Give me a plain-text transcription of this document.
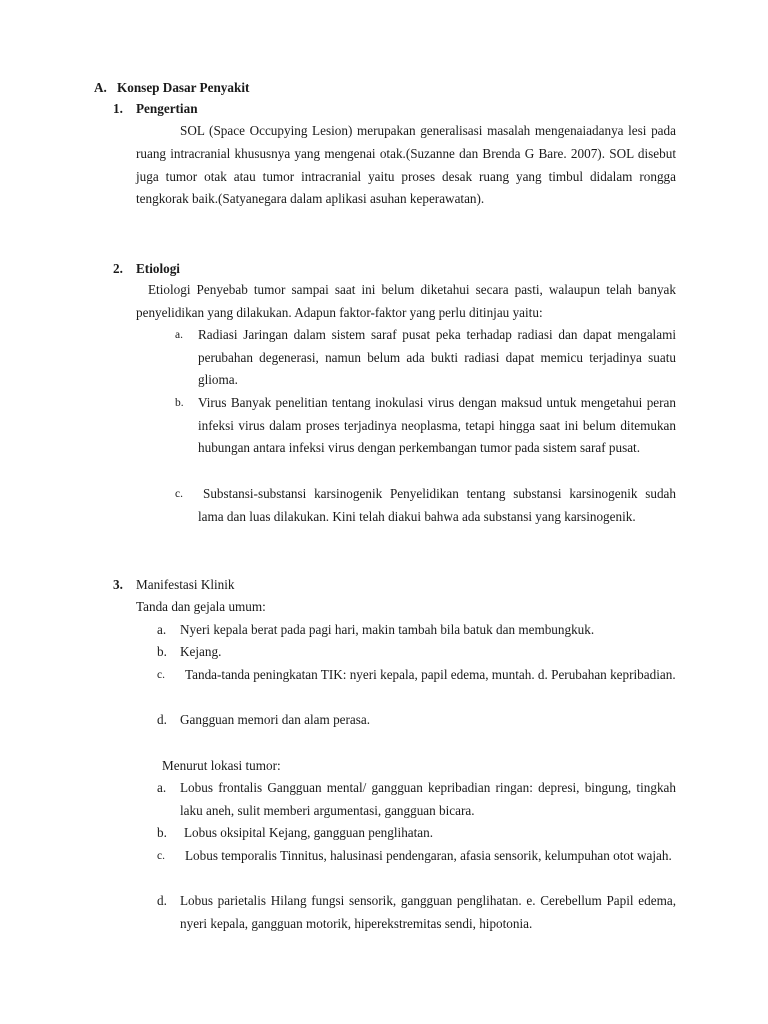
A. Konsep Dasar Penyakit
1. Pengertian
SOL (Space Occupying Lesion) merupakan generalisasi masalah mengenaiadanya lesi pada ruang intracranial khususnya yang mengenai otak.(Suzanne dan Brenda G Bare. 2007). SOL disebut juga tumor otak atau tumor intracranial yaitu proses desak ruang yang timbul didalam rongga tengkorak baik.(Satyanegara dalam aplikasi asuhan keperawatan).
2. Etiologi
Etiologi Penyebab tumor sampai saat ini belum diketahui secara pasti, walaupun telah banyak penyelidikan yang dilakukan. Adapun faktor-faktor yang perlu ditinjau yaitu:
a. Radiasi Jaringan dalam sistem saraf pusat peka terhadap radiasi dan dapat mengalami perubahan degenerasi, namun belum ada bukti radiasi dapat memicu terjadinya suatu glioma.
b. Virus Banyak penelitian tentang inokulasi virus dengan maksud untuk mengetahui peran infeksi virus dalam proses terjadinya neoplasma, tetapi hingga saat ini belum ditemukan hubungan antara infeksi virus dengan perkembangan tumor pada sistem saraf pusat.
c. Substansi-substansi karsinogenik Penyelidikan tentang substansi karsinogenik sudah lama dan luas dilakukan. Kini telah diakui bahwa ada substansi yang karsinogenik.
3. Manifestasi Klinik
Tanda dan gejala umum:
a. Nyeri kepala berat pada pagi hari, makin tambah bila batuk dan membungkuk.
b. Kejang.
c. Tanda-tanda peningkatan TIK: nyeri kepala, papil edema, muntah. d. Perubahan kepribadian.
d. Gangguan memori dan alam perasa.
Menurut lokasi tumor:
a. Lobus frontalis Gangguan mental/ gangguan kepribadian ringan: depresi, bingung, tingkah laku aneh, sulit memberi argumentasi, gangguan bicara.
b. Lobus oksipital Kejang, gangguan penglihatan.
c. Lobus temporalis Tinnitus, halusinasi pendengaran, afasia sensorik, kelumpuhan otot wajah.
d. Lobus parietalis Hilang fungsi sensorik, gangguan penglihatan. e. Cerebellum Papil edema, nyeri kepala, gangguan motorik, hiperekstremitas sendi, hipotonia.
